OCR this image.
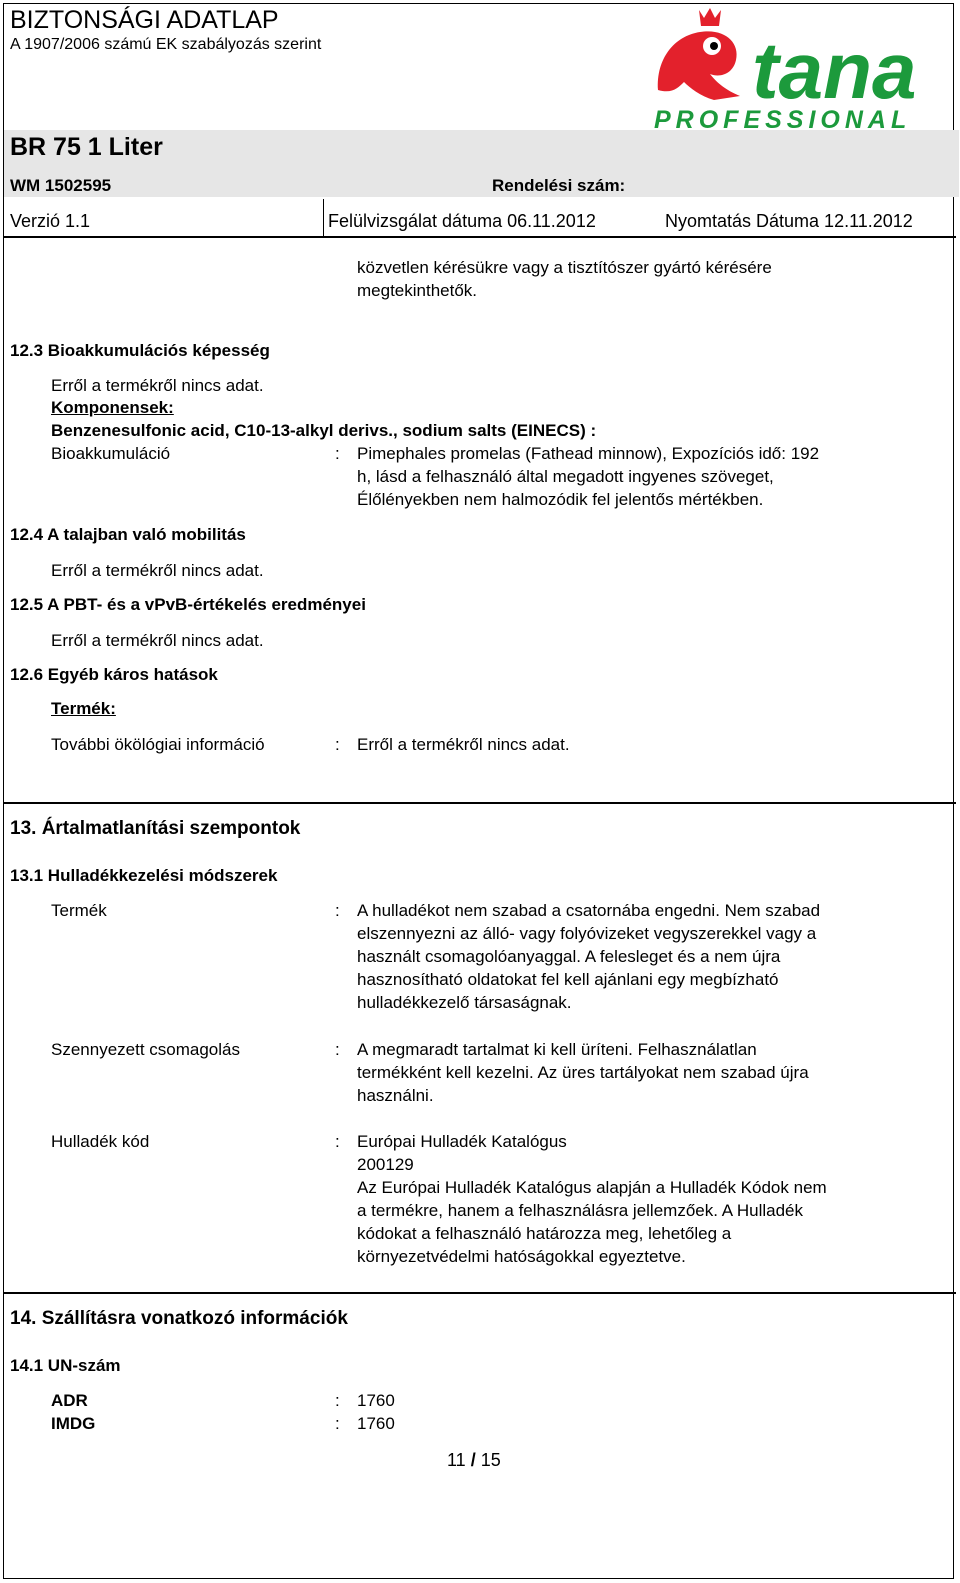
BIZTONSÁGI ADATLAP
A 1907/2006 számú EK szabályozás szerint	tana
PROFESSIONAL
BR 75 1 Liter
WM 1502595	Rendelési szám:
Verzió 1.1	Felülvizsgálat dátuma 06.11.2012	Nyomtatás Dátuma 12.11.2012
közvetlen kérésükre vagy a tisztítószer gyártó kérésére
megtekinthetők.
12.3 Bioakkumulációs képesség
Erről a termékről nincs adat.
Komponensek:
Benzenesulfonic acid, C10-13-alkyl derivs., sodium salts (EINECS) :
Bioakkumuláció	: Pimephales promelas (Fathead minnow), Expozíciós idő: 192
h, lásd a felhasználó által megadott ingyenes szöveget,
Élőlényekben nem halmozódik fel jelentős mértékben.
12.4 A talajban való mobilitás
Erről a termékről nincs adat.
12.5 A PBT- és a vPvB-értékelés eredményei
Erről a termékről nincs adat.
12.6 Egyéb káros hatások
Termék:
További ökölógiai információ	: Erről a termékről nincs adat.
13. Ártalmatlanítási szempontok
13.1 Hulladékkezelési módszerek
Termék	: A hulladékot nem szabad a csatornába engedni. Nem szabad
elszennyezni az álló- vagy folyóvizeket vegyszerekkel vagy a
használt csomagolóanyaggal. A felesleget és a nem újra
hasznosítható oldatokat fel kell ajánlani egy megbízható
hulladékkezelő társaságnak.
Szennyezett csomagolás	: A megmaradt tartalmat ki kell üríteni. Felhasználatlan
termékként kell kezelni. Az üres tartályokat nem szabad újra
használni.
Hulladék kód	: Európai Hulladék Katalógus
200129
Az Európai Hulladék Katalógus alapján a Hulladék Kódok nem
a termékre, hanem a felhasználásra jellemzőek. A Hulladék
kódokat a felhasználó határozza meg, lehetőleg a
környezetvédelmi hatóságokkal egyeztetve.
14. Szállításra vonatkozó információk
14.1 UN-szám
ADR	: 1760
IMDG	: 1760
11 / 15
